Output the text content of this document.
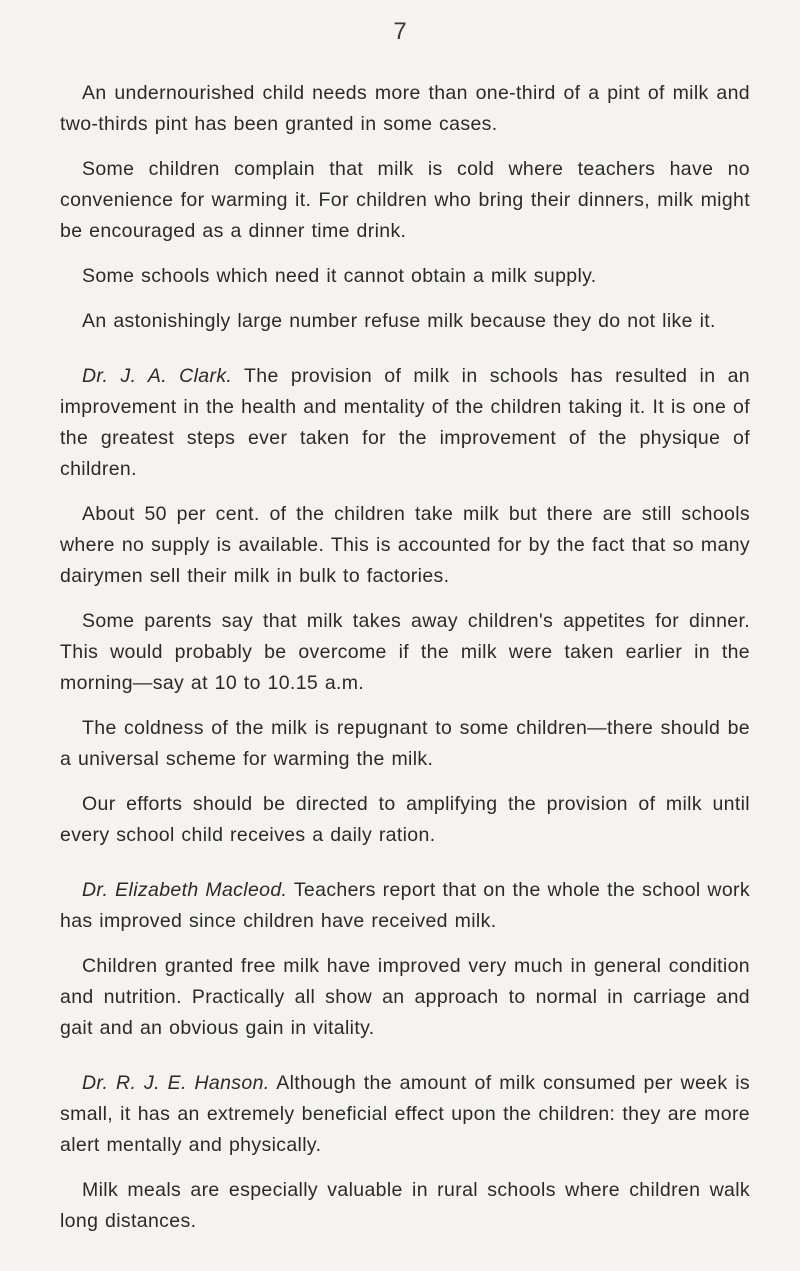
7

An undernourished child needs more than one-third of a pint of milk and two-thirds pint has been granted in some cases.

Some children complain that milk is cold where teachers have no convenience for warming it. For children who bring their dinners, milk might be encouraged as a dinner time drink.

Some schools which need it cannot obtain a milk supply.

An astonishingly large number refuse milk because they do not like it.

Dr. J. A. Clark. The provision of milk in schools has resulted in an improvement in the health and mentality of the children taking it. It is one of the greatest steps ever taken for the improvement of the physique of children.

About 50 per cent. of the children take milk but there are still schools where no supply is available. This is accounted for by the fact that so many dairymen sell their milk in bulk to factories.

Some parents say that milk takes away children's appetites for dinner. This would probably be overcome if the milk were taken earlier in the morning—say at 10 to 10.15 a.m.

The coldness of the milk is repugnant to some children—there should be a universal scheme for warming the milk.

Our efforts should be directed to amplifying the provision of milk until every school child receives a daily ration.

Dr. Elizabeth Macleod. Teachers report that on the whole the school work has improved since children have received milk.

Children granted free milk have improved very much in general condition and nutrition. Practically all show an approach to normal in carriage and gait and an obvious gain in vitality.

Dr. R. J. E. Hanson. Although the amount of milk consumed per week is small, it has an extremely beneficial effect upon the children: they are more alert mentally and physically.

Milk meals are especially valuable in rural schools where children walk long distances.
